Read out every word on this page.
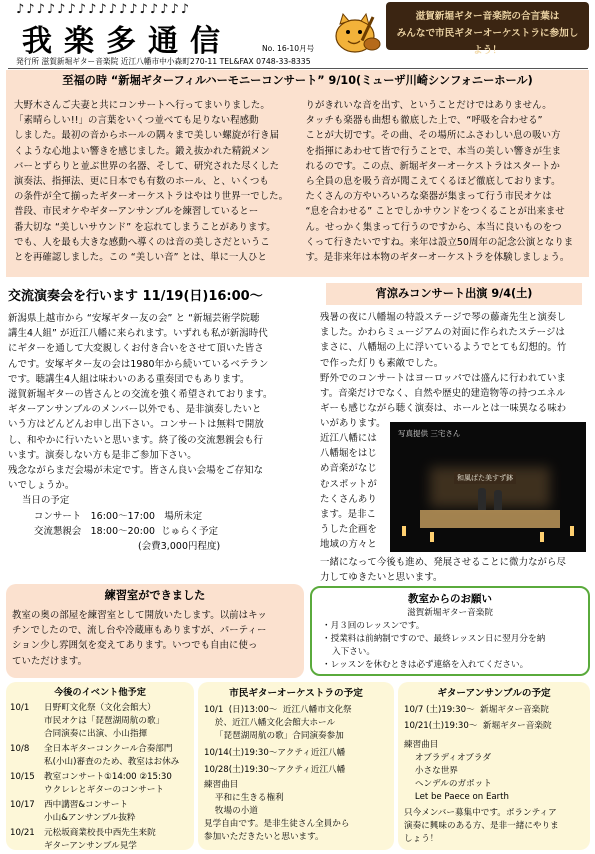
♪♪♪♪♪♪♪♪♪♪♪♪♪♪♪♪♪
我楽多通信	No. 16-10月号
滋賀新堀ギター音楽院の合言葉は
みんなで市民ギターオーケストラに参加しよう！
発行所 滋賀新堀ギター音楽院 近江八幡市中小森町270-11 TEL&FAX 0748-33-8335
至福の時 “新堀ギターフィルハーモニーコンサート” 9/10(ミューザ川崎シンフォニーホール)

大野木さんご夫妻と共にコンサートへ行ってまいりました。

「素晴らしい!!」の言葉をいくつ並べても足りない程感動

しました。最初の音からホールの隅々まで美しい螺旋が行き届

くような心地よい響きを感じました。鍛え抜かれた精鋭メン

バーとずらりと並ぶ世界の名器、そして、研究された尽くした

演奏法、指揮法、更に日本でも有数のホール、と、いくつも

の条件が全て揃ったギターオーケストラはやはり世界一でした。

普段、市民オケやギターアンサンブルを練習しているとー

番大切な “美しいサウンド” を忘れてしまうことがあります。

でも、人を最も大きな感動へ導くのは音の美しさだというこ

とを再確認しました。この “美しい音” とは、単に一人ひと

りがきれいな音を出す、ということだけではありません。

タッチも楽器も曲想も徹底した上で、“呼吸を合わせる”

ことが大切です。その曲、その場所にふさわしい息の吸い方

を指揮にあわせて皆で行うことで、本当の美しい響きが生ま

れるのです。この点、新堀ギターオーケストラはスタートか

ら全員の息を吸う音が聞こえてくるほど徹底しております。

たくさんの方やいろいろな楽器が集まって行う市民オケは

“息を合わせる” ことでしかサウンドをつくることが出来ませ

ん。せっかく集まって行うのですから、本当に良いものをつ

くって行きたいですね。来年は設立50周年の記念公演となりま

す。是非来年は本物のギターオーケストラを体験しましょう。

交流演奏会を行います 11/19(日)16:00～

新潟県上越市から “安塚ギター友の会” と “新堀芸術学院聴

講生4人組” が近江八幡に来られます。いずれも私が新潟時代

にギターを通して大変親しくお付き合いをさせて頂いた皆さ

んです。安塚ギター友の会は1980年から続いているベテラン

です。聴講生4人組は味わいのある重奏団でもあります。

滋賀新堀ギターの皆さんとの交流を強く希望されております。

ギターアンサンブルのメンバー以外でも、是非演奏したいと

いう方はどんどんお申し出下さい。コンサートは無料で開放

し、和やかに行いたいと思います。終了後の交流懇親会も行

います。演奏しない方も是非ご参加下さい。

残念ながらまだ会場が未定です。皆さん良い会場をご存知な

いでしょうか。

当日の予定

コンサート   16:00～17:00   場所未定

交流懇親会   18:00～20:00  じゅらく予定

(会費3,000円程度)

宵涼みコンサート出演 9/4(土)

残暑の夜に八幡堀の特設ステージで琴の藤斎先生と演奏し

ました。かわらミュージアムの対面に作られたステージは

まさに、八幡堀の上に浮いているようでとても幻想的。竹

で作った灯りも素敵でした。

野外でのコンサートはヨーロッパでは盛んに行われていま

す。音楽だけでなく、自然や歴史的建造物等の持つエネル

ギーも感じながら聴く演奏は、ホールとは一味異なる味わ

いがあります。

近江八幡には

八幡堀をはじ

め音楽がなじ

むスポットが

たくさんあり

ます。是非こ

うした企画を

地域の方々と

写真提供 三宅さん
和風ばた美すず鉢

一緒になって今後も進め、発展させることに微力ながら尽

力してゆきたいと思います。

練習室ができました

教室の奥の部屋を練習室として開放いたします。以前はキッ

チンでしたので、流し台や冷蔵庫もありますが、パーティー

ション少し雰囲気を変えてあります。いつでも自由に使っ

ていただけます。

教室からのお願い
滋賀新堀ギター音楽院
・月３回のレッスンです。
・授業料は前納制ですので、最終レッスン日に翌月分を納
入下さい。
・レッスンを休むときは必ず連絡を入れてください。
今後のイベント他予定
10/1	日野町文化祭（文化会館大）
市民オケは「琵琶湖周航の歌」
合同演奏に出演、小山指揮
10/8	全日本ギターコンクール合奏部門
私(小山)審査のため、教室はお休み
10/15	教室コンサート①14:00 ②15:30
ウクレレとギターのコンサート
10/17	西中講習&コンサート
小山&アンサンブル抜粋
10/21	元松坂商業校長中西先生来院
ギターアンサンブル見学
市民ギターオーケストラの予定
10/1  (日)13:00～  近江八幡市文化祭
於、近江八幡文化会館大ホール
「琵琶湖周航の歌」合同演奏参加
10/14(土)19:30～アクティ近江八幡
10/28(土)19:30～アクティ近江八幡
練習曲目
平和に生きる権利
牧場の小道
見学自由です。是非生徒さん全員から
参加いただきたいと思います。
ギターアンサンブルの予定
10/7 (土)19:30～  新堀ギター音楽院
10/21(土)19:30～  新堀ギター音楽院
練習曲目
オブラディオブラダ
小さな世界
ヘンデルのガボット
Let be Paece on Earth
只今メンバー募集中です。ボランティア
演奏に興味のある方、是非一緒にやりま
しょう！
